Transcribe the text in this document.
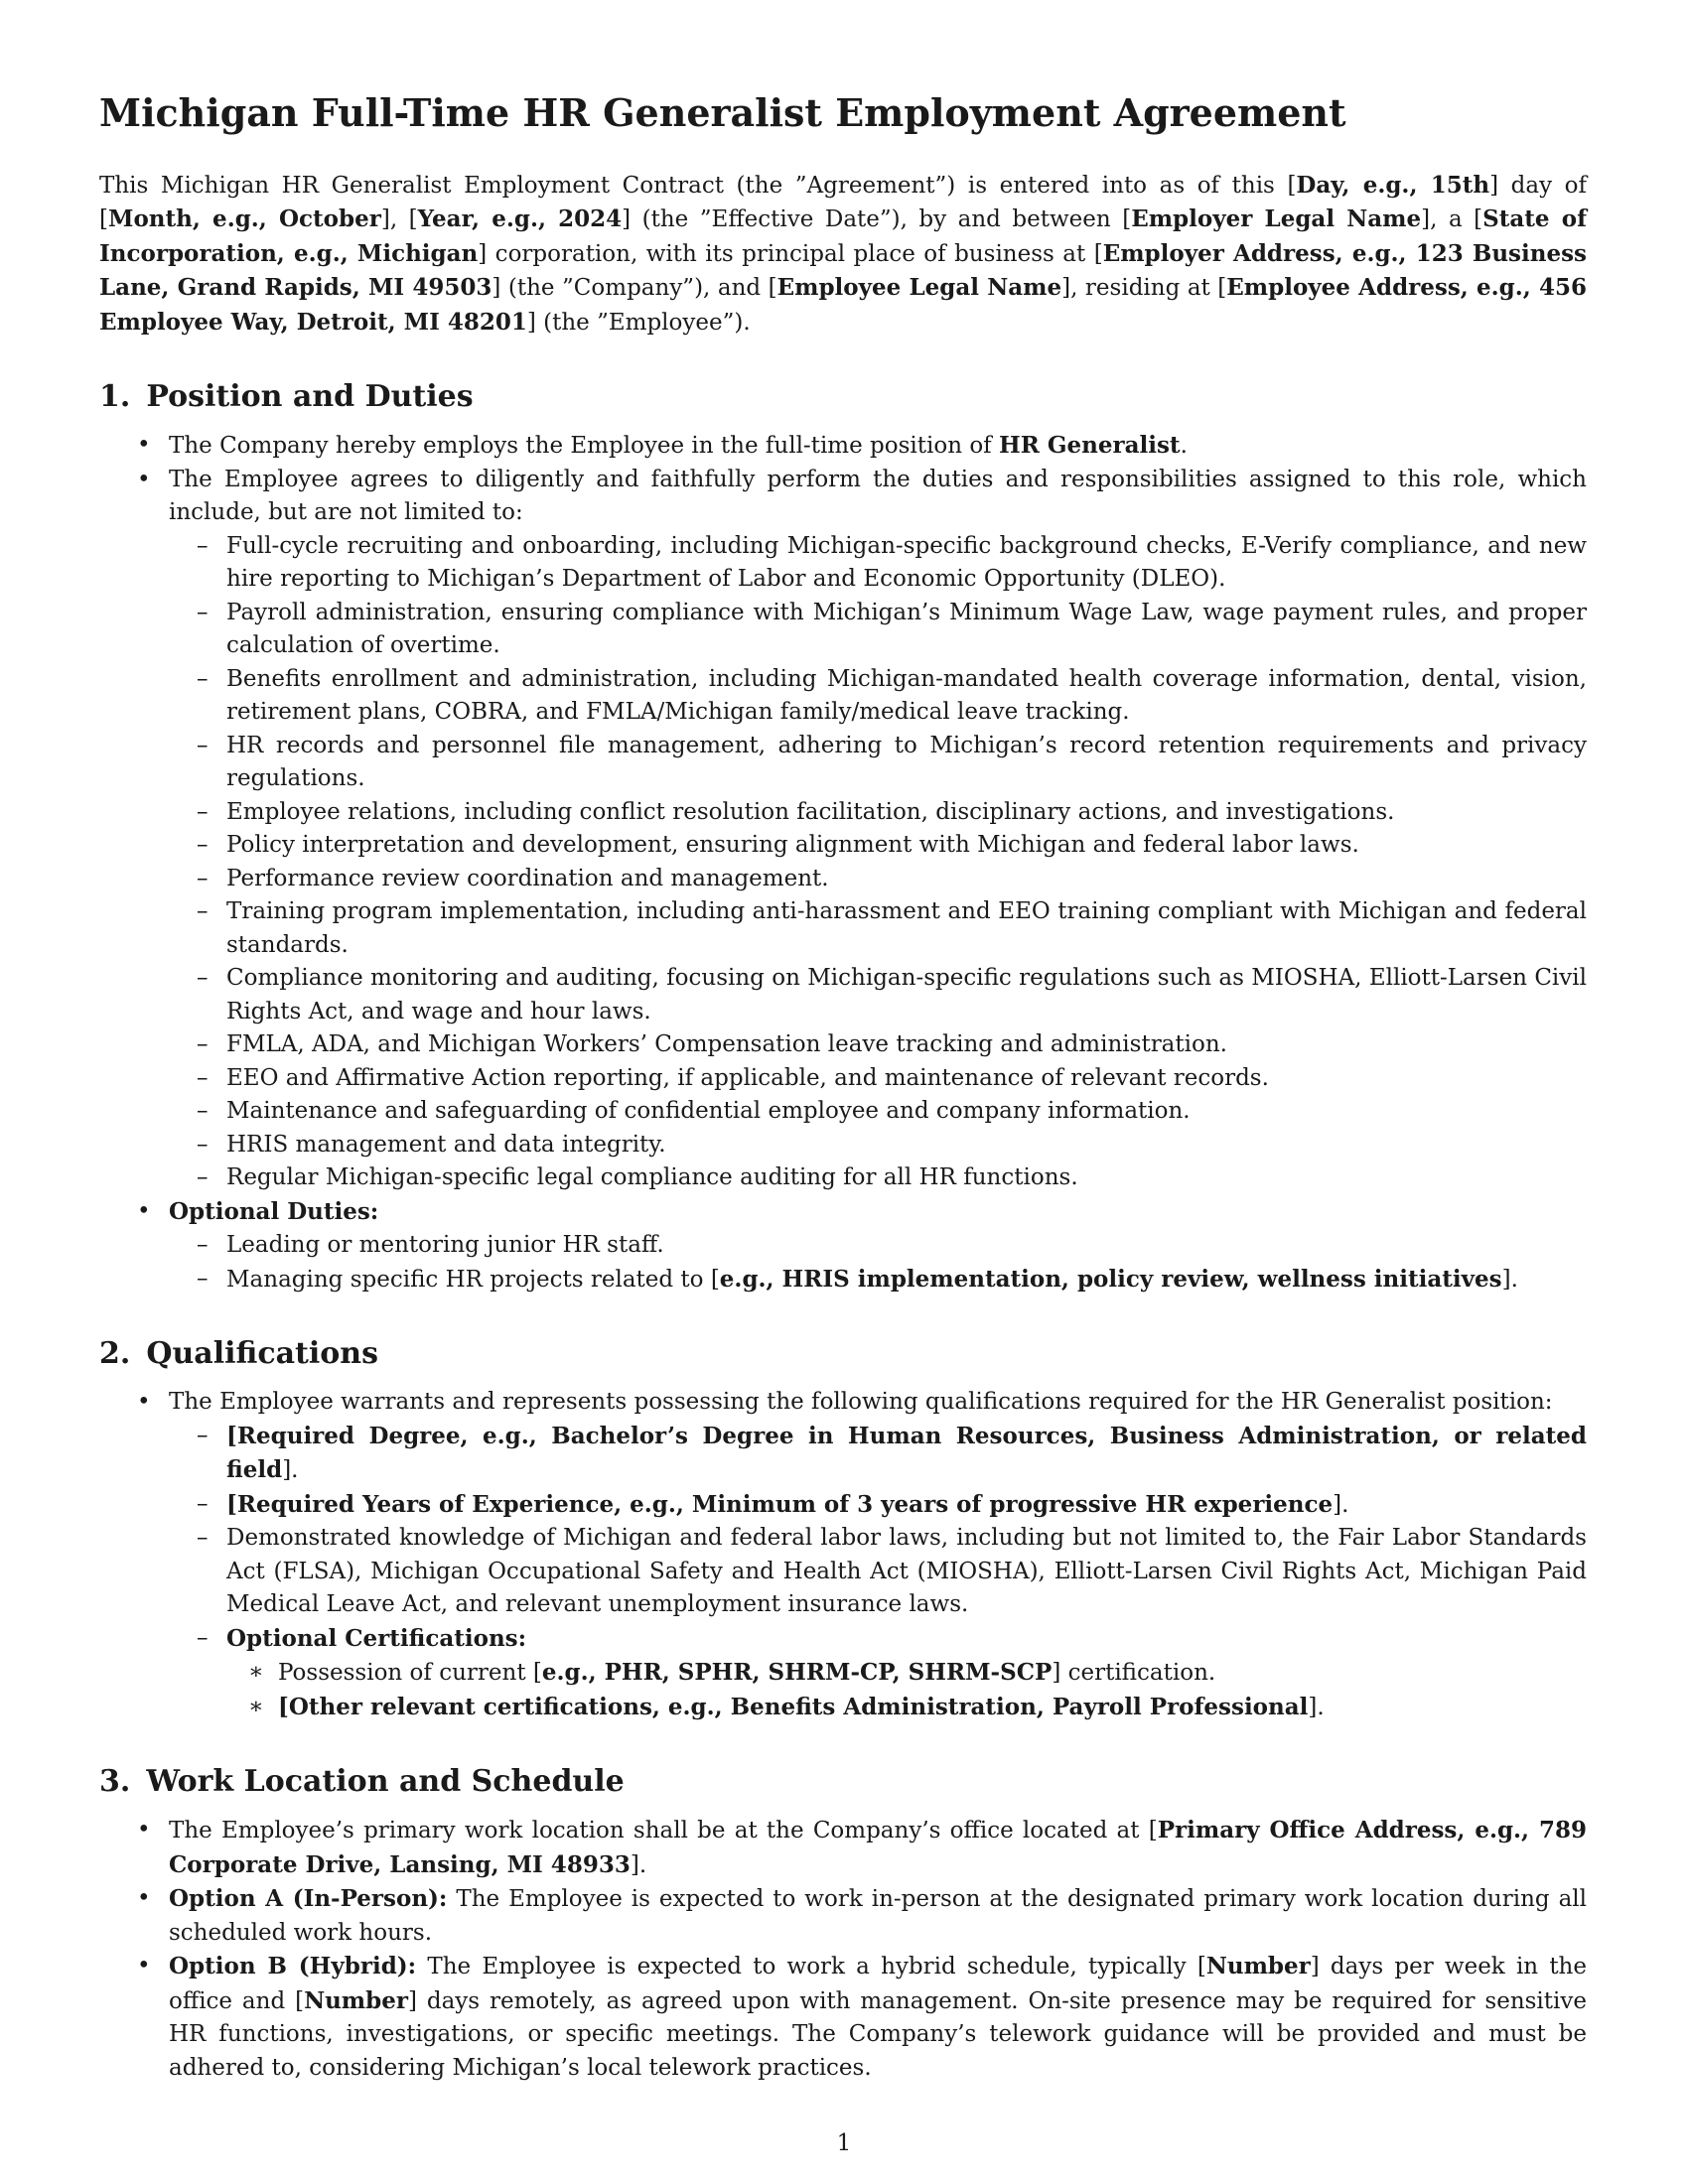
Michigan Full-Time HR Generalist Employment Agreement

This Michigan HR Generalist Employment Contract (the ”Agreement”) is entered into as of this [Day, e.g., 15th] day of [Month, e.g., October], [Year, e.g., 2024] (the ”Effective Date”), by and between [Employer Legal Name], a [State of Incorporation, e.g., Michigan] corporation, with its principal place of business at [Employer Address, e.g., 123 Business Lane, Grand Rapids, MI 49503] (the ”Company”), and [Employee Legal Name], residing at [Employee Address, e.g., 456 Employee Way, Detroit, MI 48201] (the ”Employee”).

1. Position and Duties
• The Company hereby employs the Employee in the full-time position of HR Generalist.
• The Employee agrees to diligently and faithfully perform the duties and responsibilities assigned to this role, which include, but are not limited to:
– Full-cycle recruiting and onboarding, including Michigan-specific background checks, E-Verify compliance, and new hire reporting to Michigan’s Department of Labor and Economic Opportunity (DLEO).
– Payroll administration, ensuring compliance with Michigan’s Minimum Wage Law, wage payment rules, and proper calculation of overtime.
– Benefits enrollment and administration, including Michigan-mandated health coverage information, dental, vision, retirement plans, COBRA, and FMLA/Michigan family/medical leave tracking.
– HR records and personnel file management, adhering to Michigan’s record retention requirements and privacy regulations.
– Employee relations, including conflict resolution facilitation, disciplinary actions, and investigations.
– Policy interpretation and development, ensuring alignment with Michigan and federal labor laws.
– Performance review coordination and management.
– Training program implementation, including anti-harassment and EEO training compliant with Michigan and federal standards.
– Compliance monitoring and auditing, focusing on Michigan-specific regulations such as MIOSHA, Elliott-Larsen Civil Rights Act, and wage and hour laws.
– FMLA, ADA, and Michigan Workers’ Compensation leave tracking and administration.
– EEO and Affirmative Action reporting, if applicable, and maintenance of relevant records.
– Maintenance and safeguarding of confidential employee and company information.
– HRIS management and data integrity.
– Regular Michigan-specific legal compliance auditing for all HR functions.
• Optional Duties:
– Leading or mentoring junior HR staff.
– Managing specific HR projects related to [e.g., HRIS implementation, policy review, wellness initiatives].
2. Qualifications
• The Employee warrants and represents possessing the following qualifications required for the HR Generalist position:
– [Required Degree, e.g., Bachelor’s Degree in Human Resources, Business Administration, or related field].
– [Required Years of Experience, e.g., Minimum of 3 years of progressive HR experience].
– Demonstrated knowledge of Michigan and federal labor laws, including but not limited to, the Fair Labor Standards Act (FLSA), Michigan Occupational Safety and Health Act (MIOSHA), Elliott-Larsen Civil Rights Act, Michigan Paid Medical Leave Act, and relevant unemployment insurance laws.
– Optional Certifications:
∗ Possession of current [e.g., PHR, SPHR, SHRM-CP, SHRM-SCP] certification.
∗ [Other relevant certifications, e.g., Benefits Administration, Payroll Professional].
3. Work Location and Schedule
• The Employee’s primary work location shall be at the Company’s office located at [Primary Office Address, e.g., 789 Corporate Drive, Lansing, MI 48933].
• Option A (In-Person): The Employee is expected to work in-person at the designated primary work location during all scheduled work hours.
• Option B (Hybrid): The Employee is expected to work a hybrid schedule, typically [Number] days per week in the office and [Number] days remotely, as agreed upon with management. On-site presence may be required for sensitive HR functions, investigations, or specific meetings. The Company’s telework guidance will be provided and must be adhered to, considering Michigan’s local telework practices.
1
